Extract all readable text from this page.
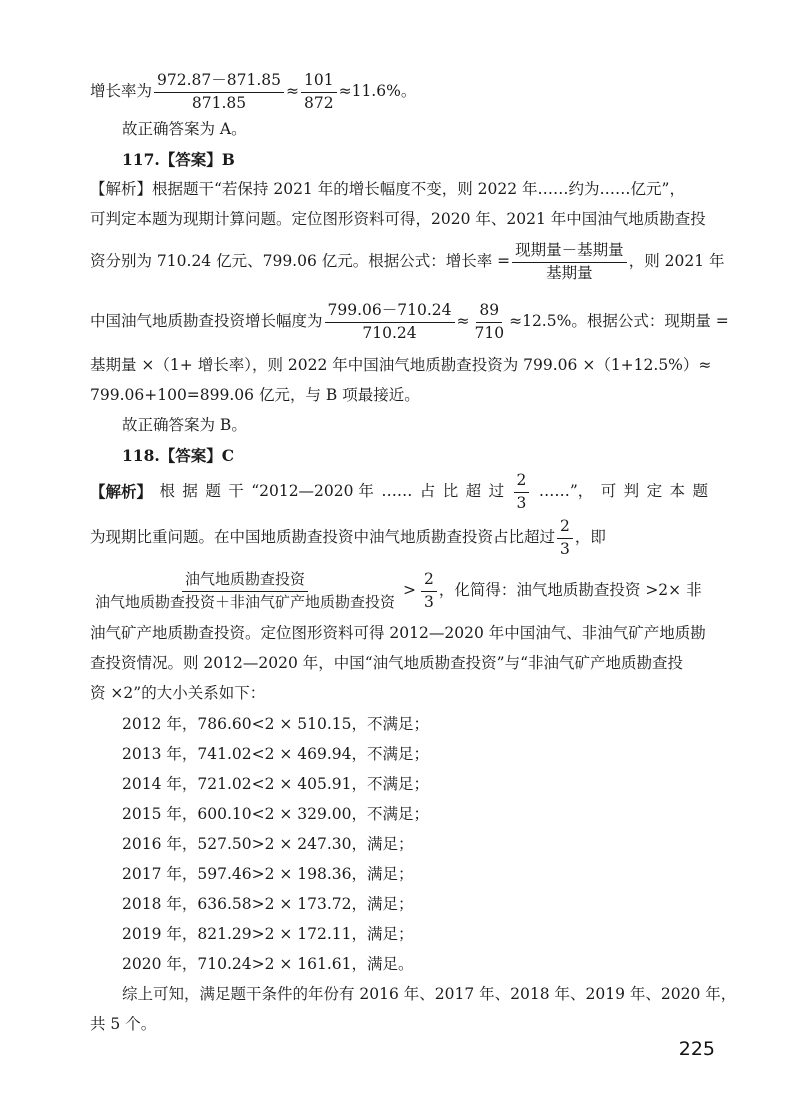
增长率为 $\frac{972.87-871.85}{871.85} \approx \frac{101}{872} \approx 11.6\%$。
故正确答案为 A。
117.【答案】B
【解析】根据题干“若保持 2021 年的增长幅度不变，则 2022 年……约为……亿元”，
可判定本题为现期计算问题。定位图形资料可得，2020 年、2021 年中国油气地质勘查投
资分别为 710.24 亿元、799.06 亿元。根据公式：增长率 = $\frac{\text{现期量－基期量}}{\text{基期量}}$ ，则 2021 年
中国油气地质勘查投资增长幅度为 $\frac{799.06-710.24}{710.24} \approx \frac{89}{710} \approx 12.5\%$。根据公式：现期量 =
基期量 ×（1+ 增长率），则 2022 年中国油气地质勘查投资为 799.06 ×（1+12.5%）≈
799.06+100=899.06 亿元，与 B 项最接近。
故正确答案为 B。
118.【答案】C
【解析】 根 据 题 干 “2012—2020 年 …… 占 比 超 过 $\frac{2}{3}$ ……”， 可 判 定 本 题
为现期比重问题。在中国地质勘查投资中油气地质勘查投资占比超过 $\frac{2}{3}$ ，即
$\frac{\text{油气地质勘查投资}}{\text{油气地质勘查投资＋非油气矿产地质勘查投资}} > \frac{2}{3}$ ，化简得：油气地质勘查投资 >2× 非
油气矿产地质勘查投资。定位图形资料可得 2012—2020 年中国油气、非油气矿产地质勘
查投资情况。则 2012—2020 年，中国“油气地质勘查投资”与“非油气矿产地质勘查投
资 ×2”的大小关系如下：
2012 年，786.60<2 × 510.15，不满足；
2013 年，741.02<2 × 469.94，不满足；
2014 年，721.02<2 × 405.91，不满足；
2015 年，600.10<2 × 329.00，不满足；
2016 年，527.50>2 × 247.30，满足；
2017 年，597.46>2 × 198.36，满足；
2018 年，636.58>2 × 173.72，满足；
2019 年，821.29>2 × 172.11，满足；
2020 年，710.24>2 × 161.61，满足。
综上可知，满足题干条件的年份有 2016 年、2017 年、2018 年、2019 年、2020 年，
共 5 个。
225
